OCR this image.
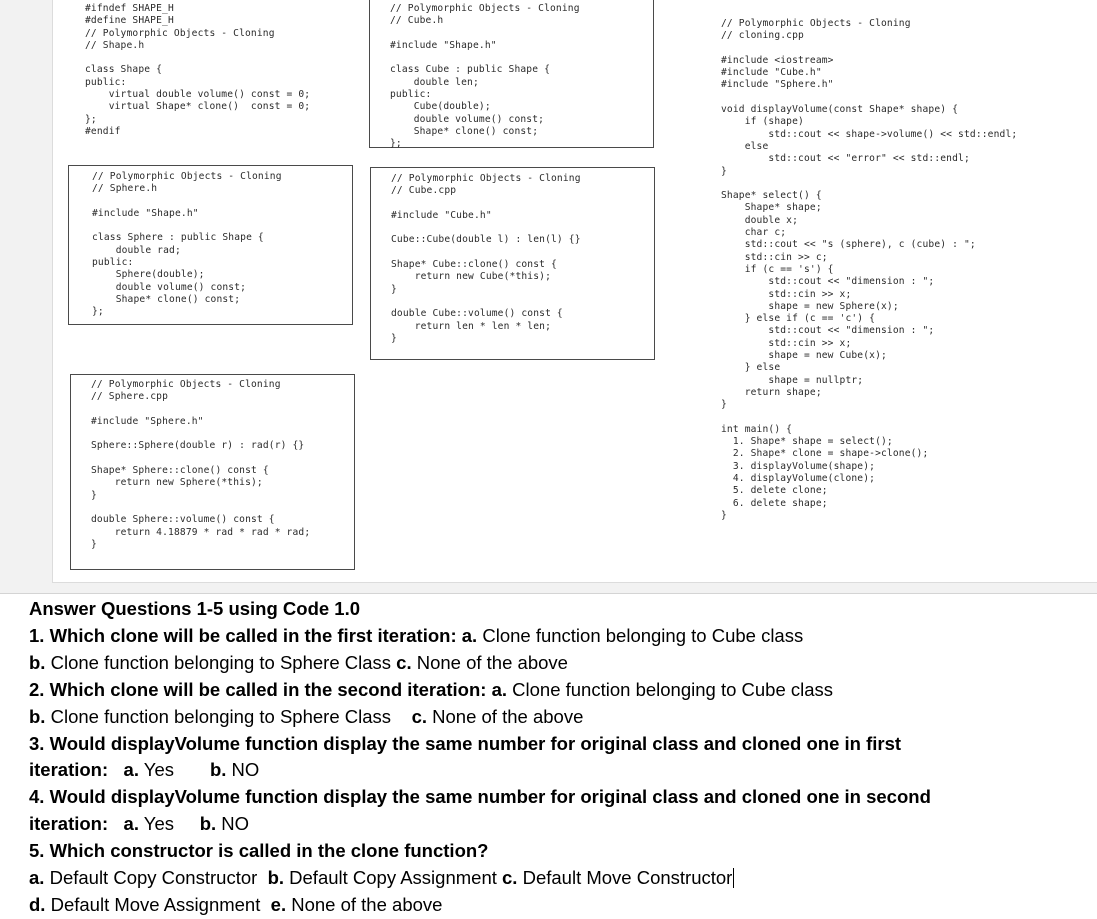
#ifndef SHAPE_H
#define SHAPE_H
// Polymorphic Objects - Cloning
// Shape.h

class Shape {
public:
virtual double volume() const = 0;
virtual Shape* clone()  const = 0;
};
#endif
// Polymorphic Objects - Cloning
// Cube.h

#include "Shape.h"

class Cube : public Shape {
double len;
public:
Cube(double);
double volume() const;
Shape* clone() const;
};
// Polymorphic Objects - Cloning
// cloning.cpp

#include <iostream>
#include "Cube.h"
#include "Sphere.h"

void displayVolume(const Shape* shape) {
if (shape)
std::cout << shape->volume() << std::endl;
else
std::cout << "error" << std::endl;
}

Shape* select() {
Shape* shape;
double x;
char c;
std::cout << "s (sphere), c (cube) : ";
std::cin >> c;
if (c == 's') {
std::cout << "dimension : ";
std::cin >> x;
shape = new Sphere(x);
} else if (c == 'c') {
std::cout << "dimension : ";
std::cin >> x;
shape = new Cube(x);
} else
shape = nullptr;
return shape;
}

int main() {
1. Shape* shape = select();
2. Shape* clone = shape->clone();
3. displayVolume(shape);
4. displayVolume(clone);
5. delete clone;
6. delete shape;
}
// Polymorphic Objects - Cloning
// Sphere.h

#include "Shape.h"

class Sphere : public Shape {
double rad;
public:
Sphere(double);
double volume() const;
Shape* clone() const;
};
// Polymorphic Objects - Cloning
// Cube.cpp

#include "Cube.h"

Cube::Cube(double l) : len(l) {}

Shape* Cube::clone() const {
return new Cube(*this);
}

double Cube::volume() const {
return len * len * len;
}
// Polymorphic Objects - Cloning
// Sphere.cpp

#include "Sphere.h"

Sphere::Sphere(double r) : rad(r) {}

Shape* Sphere::clone() const {
return new Sphere(*this);
}

double Sphere::volume() const {
return 4.18879 * rad * rad * rad;
}
Answer Questions 1-5 using Code 1.0
1. Which clone will be called in the first iteration: a. Clone function belonging to Cube class
b. Clone function belonging to Sphere Class c. None of the above
2. Which clone will be called in the second iteration: a. Clone function belonging to Cube class
b. Clone function belonging to Sphere Class    c. None of the above
3. Would displayVolume function display the same number for original class and cloned one in first
iteration:   a. Yes       b. NO
4. Would displayVolume function display the same number for original class and cloned one in second
iteration:   a. Yes     b. NO
5. Which constructor is called in the clone function?
a. Default Copy Constructor  b. Default Copy Assignment c. Default Move Constructor
d. Default Move Assignment  e. None of the above
